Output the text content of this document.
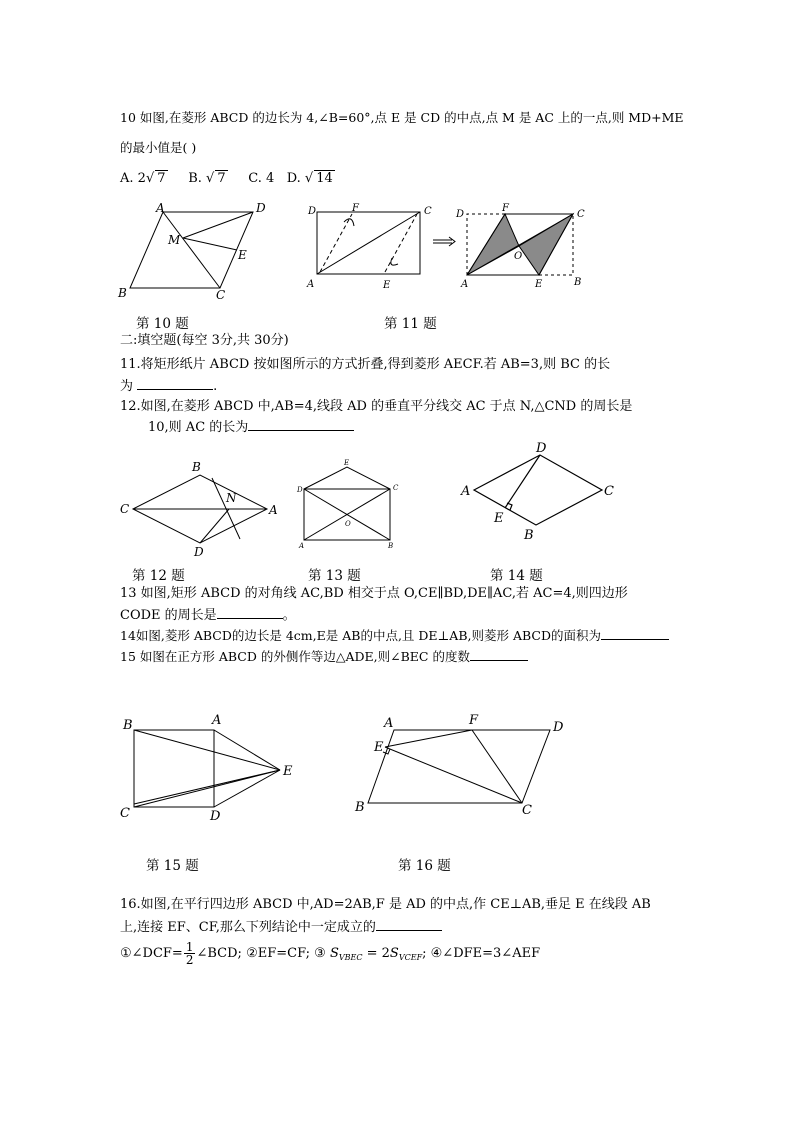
10 如图,在菱形 ABCD 的边长为 4,∠B=60°,点 E 是 CD 的中点,点 M 是 AC 上的一点,则 MD+ME
的最小值是( )
A. 2√ 7 B. √ 7 C. 4 D. √ 14
A	D
B	C
E
M
D	F	C
A	E
D
F
C
O
A	E	B
第 10 题	第 11 题
二:填空题(每空 3分,共 30分)
11.将矩形纸片 ABCD 按如图所示的方式折叠,得到菱形 AECF.若 AB=3,则 BC 的长
为	.
12.如图,在菱形 ABCD 中,AB=4,线段 AD 的垂直平分线交 AC 于点 N,△CND 的周长是
10,则 AC 的长为
C
B
A
D
N
E
D	C
O
A	B
A
D
C
E
B
第 12 题	第 13 题	第 14 题
13 如图,矩形 ABCD 的对角线 AC,BD 相交于点 O,CE∥BD,DE∥AC,若 AC=4,则四边形
CODE 的周长是	。
14如图,菱形 ABCD的边长是 4cm,E是 AB的中点,且 DE⊥AB,则菱形 ABCD的面积为
15 如图在正方形 ABCD 的外侧作等边△ADE,则∠BEC 的度数
B	A
E
C	D
A	F	D
E
B	C
第 15 题	第 16 题
16.如图,在平行四边形 ABCD 中,AD=2AB,F 是 AD 的中点,作 CE⊥AB,垂足 E 在线段 AB
上,连接 EF、CF,那么下列结论中一定成立的
①∠DCF= $\frac{1}{2}$ ∠BCD; ②EF=CF; ③ $S_{VBEC} = 2S_{VCEF}$; ④∠DFE=3∠AEF
